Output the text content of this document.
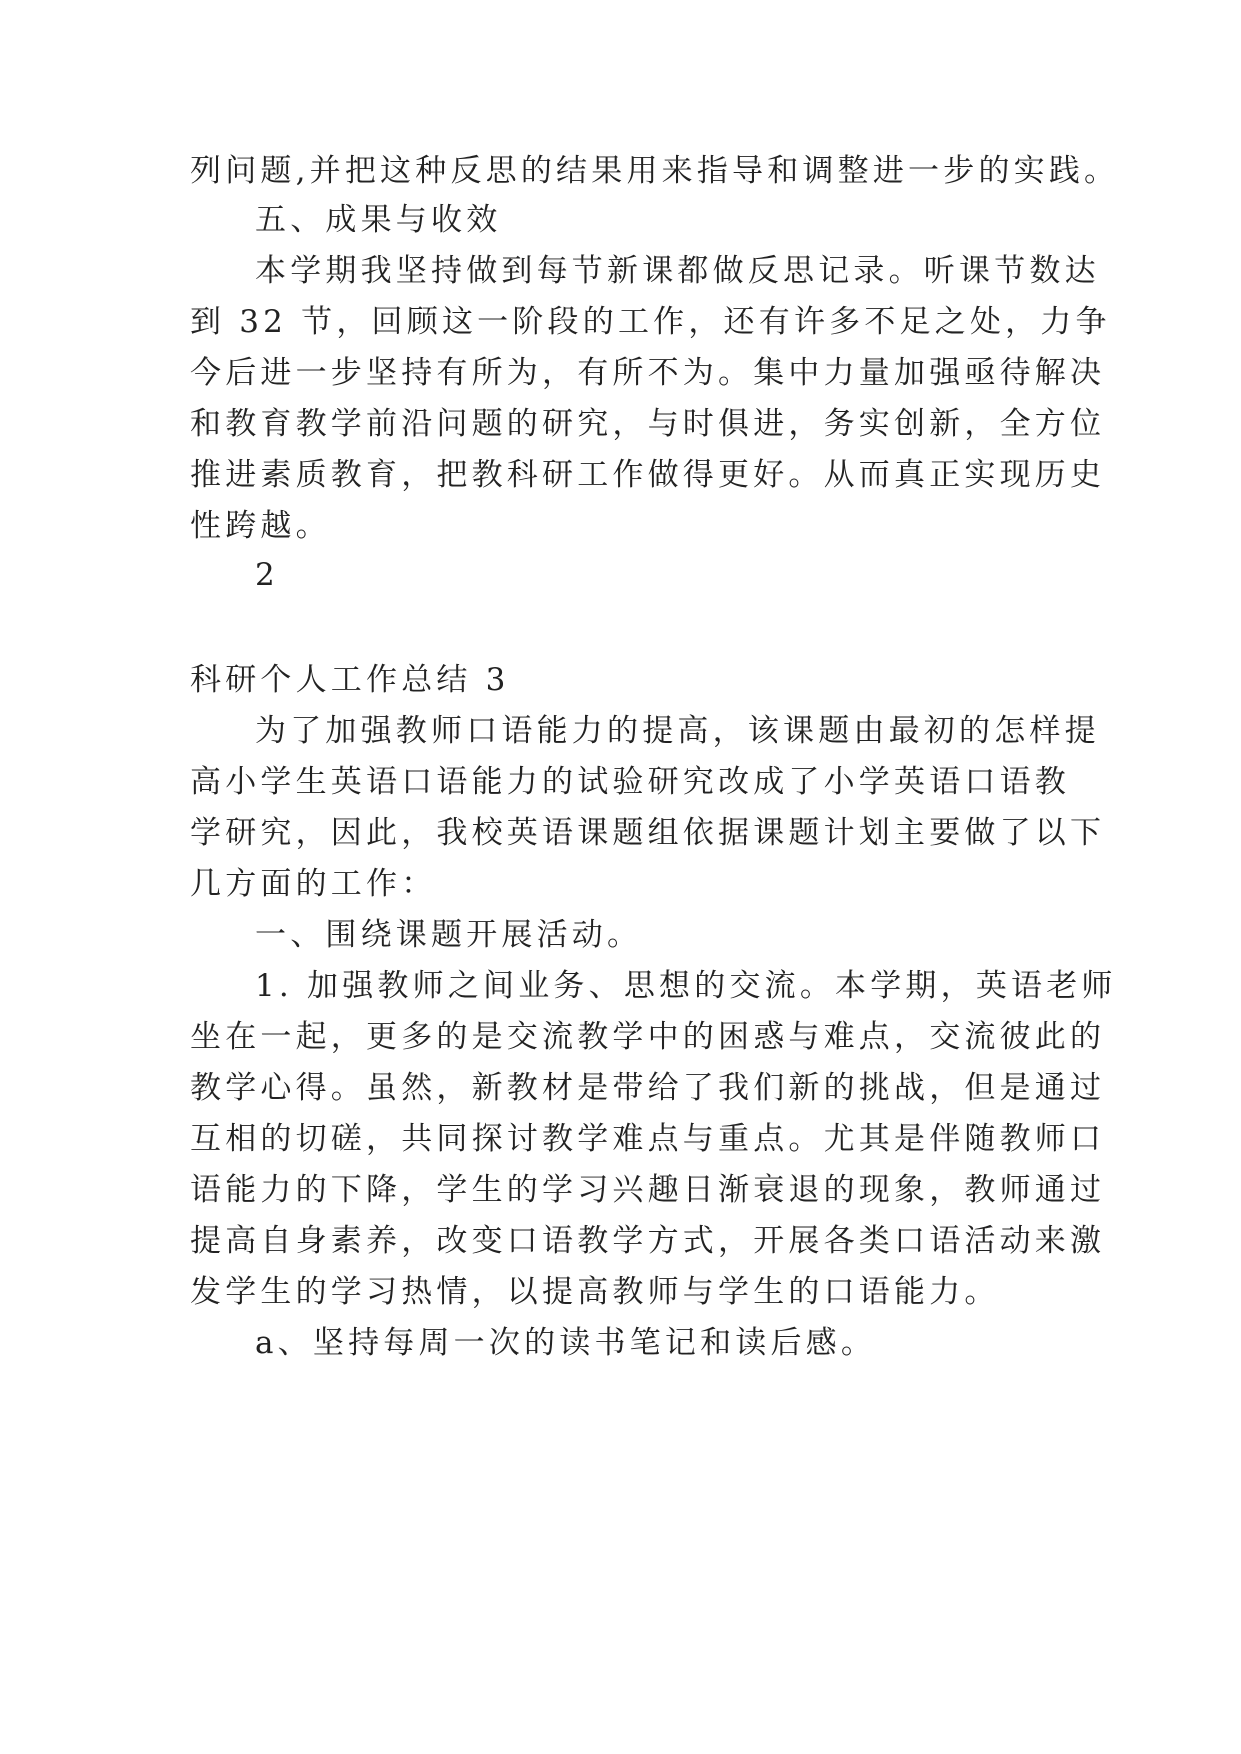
列问题,并把这种反思的结果用来指导和调整进一步的实践。
五、成果与收效
本学期我坚持做到每节新课都做反思记录。听课节数达
到 32 节，回顾这一阶段的工作，还有许多不足之处，力争
今后进一步坚持有所为，有所不为。集中力量加强亟待解决
和教育教学前沿问题的研究，与时俱进，务实创新，全方位
推进素质教育，把教科研工作做得更好。从而真正实现历史
性跨越。
2
科研个人工作总结 3
为了加强教师口语能力的提高，该课题由最初的怎样提
高小学生英语口语能力的试验研究改成了小学英语口语教
学研究，因此，我校英语课题组依据课题计划主要做了以下
几方面的工作：
一、围绕课题开展活动。
1. 加强教师之间业务、思想的交流。本学期，英语老师
坐在一起，更多的是交流教学中的困惑与难点，交流彼此的
教学心得。虽然，新教材是带给了我们新的挑战，但是通过
互相的切磋，共同探讨教学难点与重点。尤其是伴随教师口
语能力的下降，学生的学习兴趣日渐衰退的现象，教师通过
提高自身素养，改变口语教学方式，开展各类口语活动来激
发学生的学习热情，以提高教师与学生的口语能力。
a、坚持每周一次的读书笔记和读后感。
